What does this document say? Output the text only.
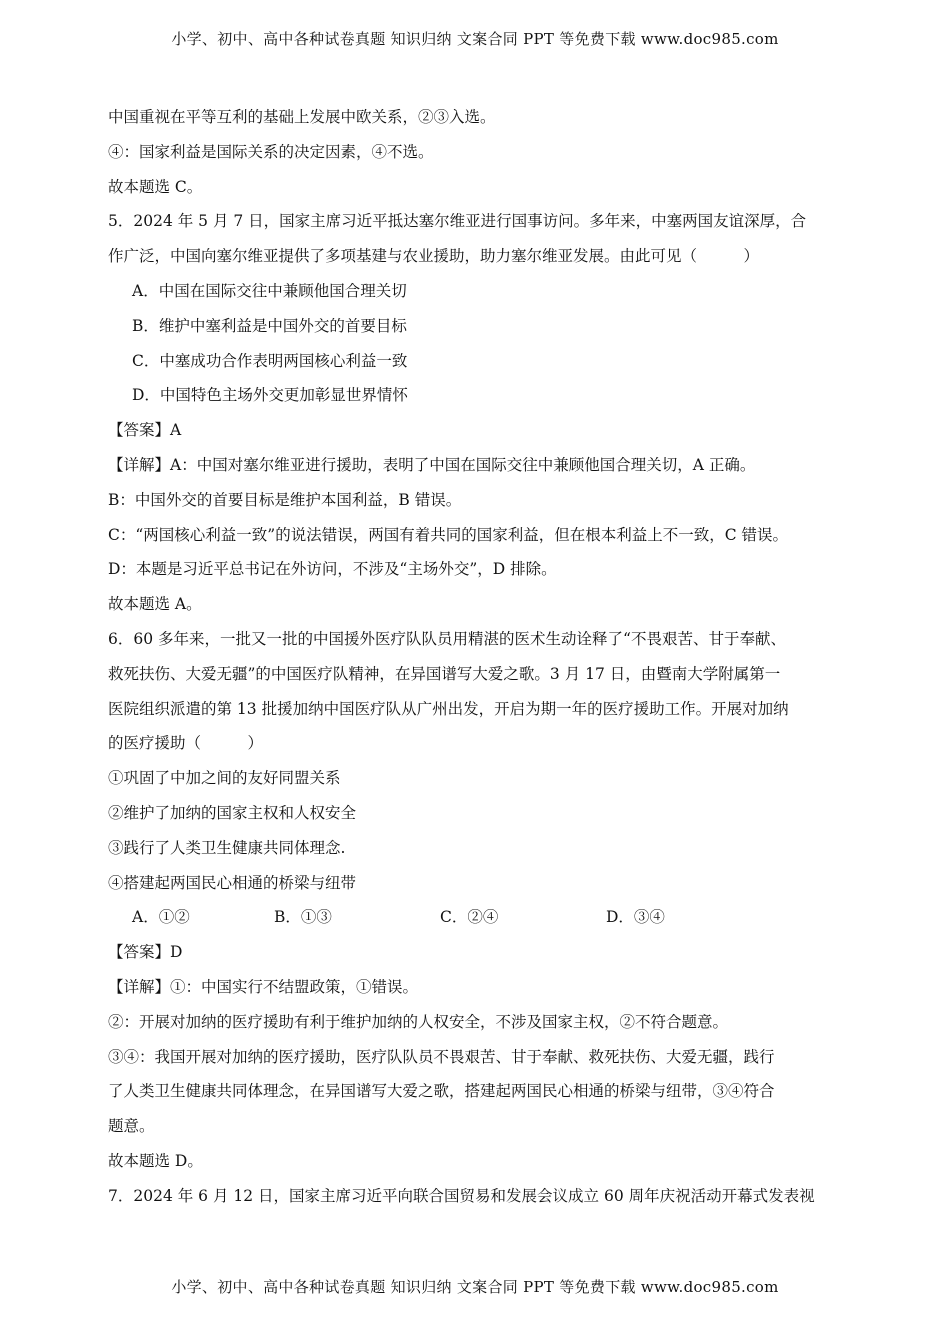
小学、初中、高中各种试卷真题 知识归纳 文案合同 PPT 等免费下载 www.doc985.com
中国重视在平等互利的基础上发展中欧关系，②③入选。
④：国家利益是国际关系的决定因素，④不选。
故本题选 C。
5．2024 年 5 月 7 日，国家主席习近平抵达塞尔维亚进行国事访问。多年来，中塞两国友谊深厚，合
作广泛，中国向塞尔维亚提供了多项基建与农业援助，助力塞尔维亚发展。由此可见（　　　）
A．中国在国际交往中兼顾他国合理关切
B．维护中塞利益是中国外交的首要目标
C．中塞成功合作表明两国核心利益一致
D．中国特色主场外交更加彰显世界情怀
【答案】A
【详解】A：中国对塞尔维亚进行援助，表明了中国在国际交往中兼顾他国合理关切，A 正确。
B：中国外交的首要目标是维护本国利益，B 错误。
C：“两国核心利益一致”的说法错误，两国有着共同的国家利益，但在根本利益上不一致，C 错误。
D：本题是习近平总书记在外访问，不涉及“主场外交”，D 排除。
故本题选 A。
6．60 多年来，一批又一批的中国援外医疗队队员用精湛的医术生动诠释了“不畏艰苦、甘于奉献、
救死扶伤、大爱无疆”的中国医疗队精神，在异国谱写大爱之歌。3 月 17 日，由暨南大学附属第一
医院组织派遣的第 13 批援加纳中国医疗队从广州出发，开启为期一年的医疗援助工作。开展对加纳
的医疗援助（　　　）
①巩固了中加之间的友好同盟关系
②维护了加纳的国家主权和人权安全
③践行了人类卫生健康共同体理念.
④搭建起两国民心相通的桥梁与纽带
A．①②	B．①③	C．②④	D．③④
【答案】D
【详解】①：中国实行不结盟政策，①错误。
②：开展对加纳的医疗援助有利于维护加纳的人权安全，不涉及国家主权，②不符合题意。
③④：我国开展对加纳的医疗援助，医疗队队员不畏艰苦、甘于奉献、救死扶伤、大爱无疆，践行
了人类卫生健康共同体理念，在异国谱写大爱之歌，搭建起两国民心相通的桥梁与纽带，③④符合
题意。
故本题选 D。
7．2024 年 6 月 12 日，国家主席习近平向联合国贸易和发展会议成立 60 周年庆祝活动开幕式发表视
小学、初中、高中各种试卷真题 知识归纳 文案合同 PPT 等免费下载 www.doc985.com
